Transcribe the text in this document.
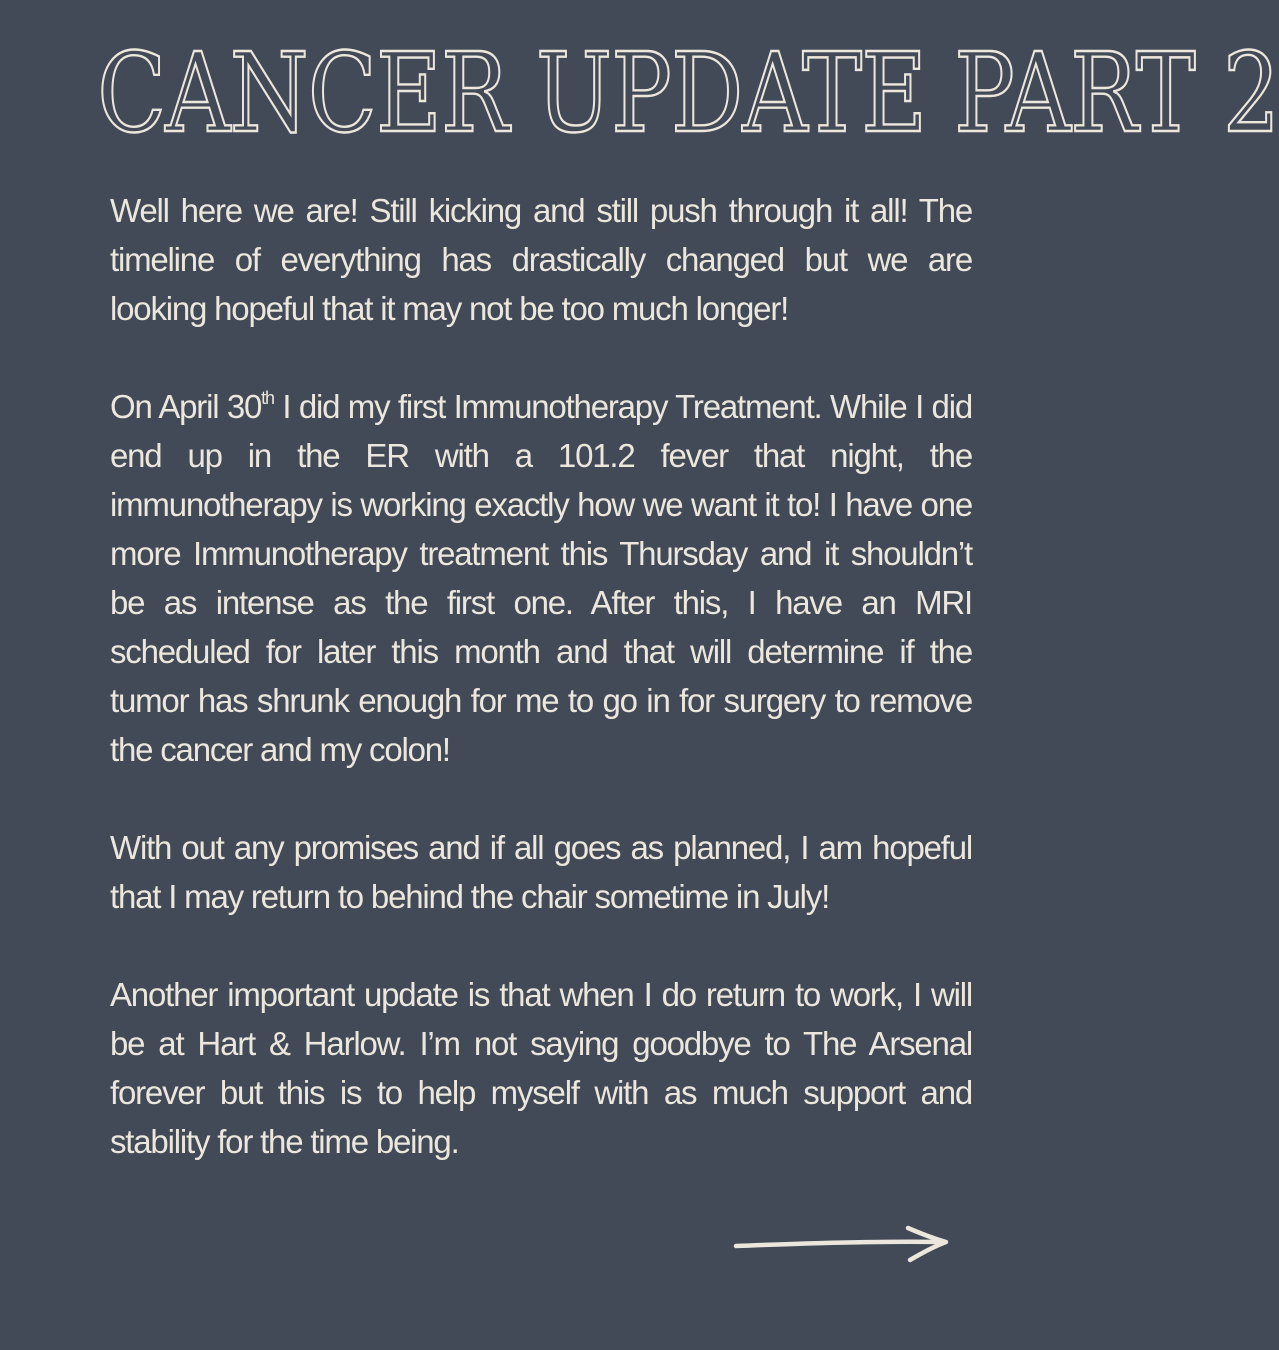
CANCER UPDATE PART 2

Well here we are! Still kicking and still push through it all! The timeline of everything has drastically changed but we are looking hopeful that it may not be too much longer!

On April 30th I did my first Immunotherapy Treatment. While I did end up in the ER with a 101.2 fever that night, the immunotherapy is working exactly how we want it to! I have one more Immunotherapy treatment this Thursday and it shouldn’t be as intense as the first one. After this, I have an MRI scheduled for later this month and that will determine if the tumor has shrunk enough for me to go in for surgery to remove the cancer and my colon!

With out any promises and if all goes as planned, I am hopeful that I may return to behind the chair sometime in July!

Another important update is that when I do return to work, I will be at Hart & Harlow. I’m not saying goodbye to The Arsenal forever but this is to help myself with as much support and stability for the time being.
